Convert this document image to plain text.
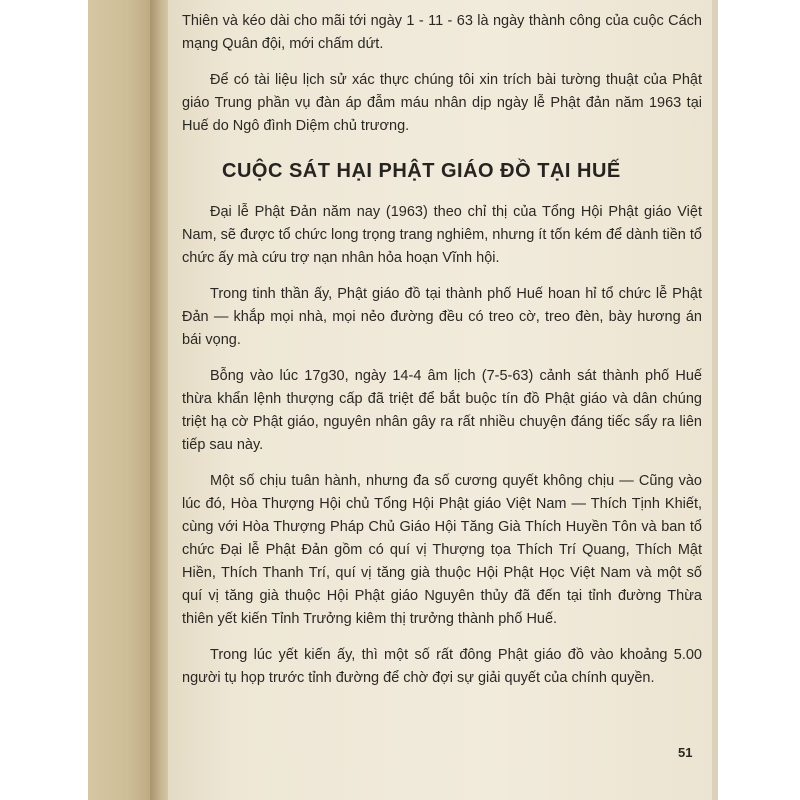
Thiên và kéo dài cho mãi tới ngày 1 - 11 - 63 là ngày thành công của cuộc Cách mạng Quân đội, mới chấm dứt.

Để có tài liệu lịch sử xác thực chúng tôi xin trích bài tường thuật của Phật giáo Trung phần vụ đàn áp đẫm máu nhân dịp ngày lễ Phật đản năm 1963 tại Huế do Ngô đình Diệm chủ trương.

CUỘC SÁT HẠI PHẬT GIÁO ĐỒ TẠI HUẾ

Đại lễ Phật Đản năm nay (1963) theo chỉ thị của Tổng Hội Phật giáo Việt Nam, sẽ được tổ chức long trọng trang nghiêm, nhưng ít tốn kém để dành tiền tổ chức ấy mà cứu trợ nạn nhân hỏa hoạn Vĩnh hội.

Trong tinh thần ấy, Phật giáo đồ tại thành phố Huế hoan hỉ tổ chức lễ Phật Đản — khắp mọi nhà, mọi nẻo đường đều có treo cờ, treo đèn, bày hương án bái vọng.

Bỗng vào lúc 17g30, ngày 14-4 âm lịch (7-5-63) cảnh sát thành phố Huế thừa khẩn lệnh thượng cấp đã triệt để bắt buộc tín đồ Phật giáo và dân chúng triệt hạ cờ Phật giáo, nguyên nhân gây ra rất nhiều chuyện đáng tiếc sẩy ra liên tiếp sau này.

Một số chịu tuân hành, nhưng đa số cương quyết không chịu — Cũng vào lúc đó, Hòa Thượng Hội chủ Tổng Hội Phật giáo Việt Nam — Thích Tịnh Khiết, cùng với Hòa Thượng Pháp Chủ Giáo Hội Tăng Già Thích Huyền Tôn và ban tổ chức Đại lễ Phật Đản gồm có quí vị Thượng tọa Thích Trí Quang, Thích Mật Hiền, Thích Thanh Trí, quí vị tăng già thuộc Hội Phật Học Việt Nam và một số quí vị tăng già thuộc Hội Phật giáo Nguyên thủy đã đến tại tỉnh đường Thừa thiên yết kiến Tỉnh Trưởng kiêm thị trưởng thành phố Huế.

Trong lúc yết kiến ấy, thì một số rất đông Phật giáo đồ vào khoảng 5.00 người tụ họp trước tỉnh đường để chờ đợi sự giải quyết của chính quyền.

51
